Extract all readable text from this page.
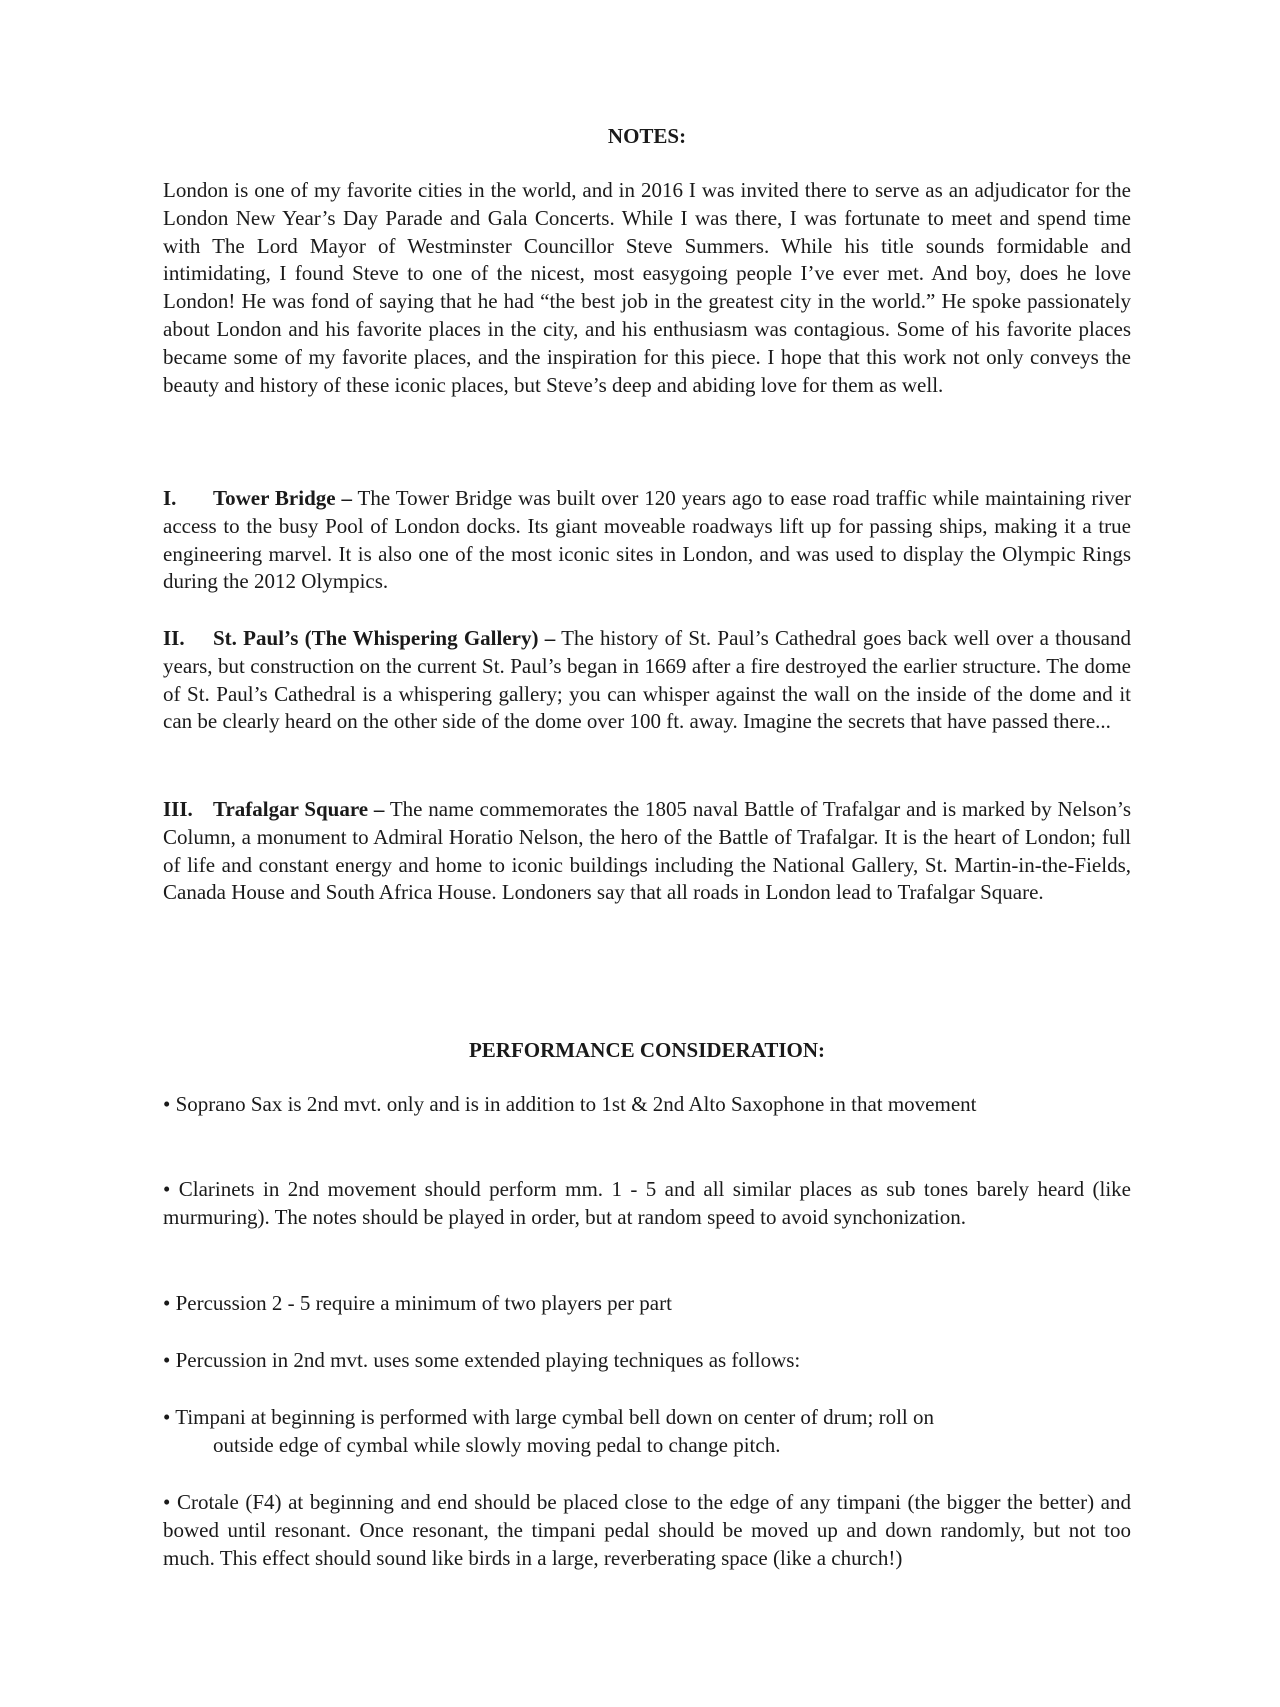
NOTES:

London is one of my favorite cities in the world, and in 2016 I was invited there to serve as an adjudicator for the London New Year’s Day Parade and Gala Concerts. While I was there, I was fortunate to meet and spend time with The Lord Mayor of Westminster Councillor Steve Summers. While his title sounds formidable and intimidating, I found Steve to one of the nicest, most easygoing people I’ve ever met. And boy, does he love London! He was fond of saying that he had “the best job in the greatest city in the world.” He spoke passionately about London and his favorite places in the city, and his enthusiasm was contagious. Some of his favorite places became some of my favorite places, and the inspiration for this piece. I hope that this work not only conveys the beauty and history of these iconic places, but Steve’s deep and abiding love for them as well.

I. Tower Bridge – The Tower Bridge was built over 120 years ago to ease road traffic while maintaining river access to the busy Pool of London docks. Its giant moveable roadways lift up for passing ships, making it a true engineering marvel. It is also one of the most iconic sites in London, and was used to display the Olympic Rings during the 2012 Olympics.

II. St. Paul’s (The Whispering Gallery) – The history of St. Paul’s Cathedral goes back well over a thousand years, but construction on the current St. Paul’s began in 1669 after a fire destroyed the earlier structure. The dome of St. Paul’s Cathedral is a whispering gallery; you can whisper against the wall on the inside of the dome and it can be clearly heard on the other side of the dome over 100 ft. away. Imagine the secrets that have passed there...

III. Trafalgar Square – The name commemorates the 1805 naval Battle of Trafalgar and is marked by Nelson’s Column, a monument to Admiral Horatio Nelson, the hero of the Battle of Trafalgar. It is the heart of London; full of life and constant energy and home to iconic buildings including the National Gallery, St. Martin-in-the-Fields, Canada House and South Africa House. Londoners say that all roads in London lead to Trafalgar Square.

PERFORMANCE CONSIDERATION:

• Soprano Sax is 2nd mvt. only and is in addition to 1st & 2nd Alto Saxophone in that movement

• Clarinets in 2nd movement should perform mm. 1 - 5 and all similar places as sub tones barely heard (like murmuring). The notes should be played in order, but at random speed to avoid synchonization.

• Percussion 2 - 5 require a minimum of two players per part

• Percussion in 2nd mvt. uses some extended playing techniques as follows:

• Timpani at beginning is performed with large cymbal bell down on center of drum; roll on
outside edge of cymbal while slowly moving pedal to change pitch.

• Crotale (F4) at beginning and end should be placed close to the edge of any timpani (the bigger the better) and bowed until resonant. Once resonant, the timpani pedal should be moved up and down randomly, but not too much. This effect should sound like birds in a large, reverberating space (like a church!)
